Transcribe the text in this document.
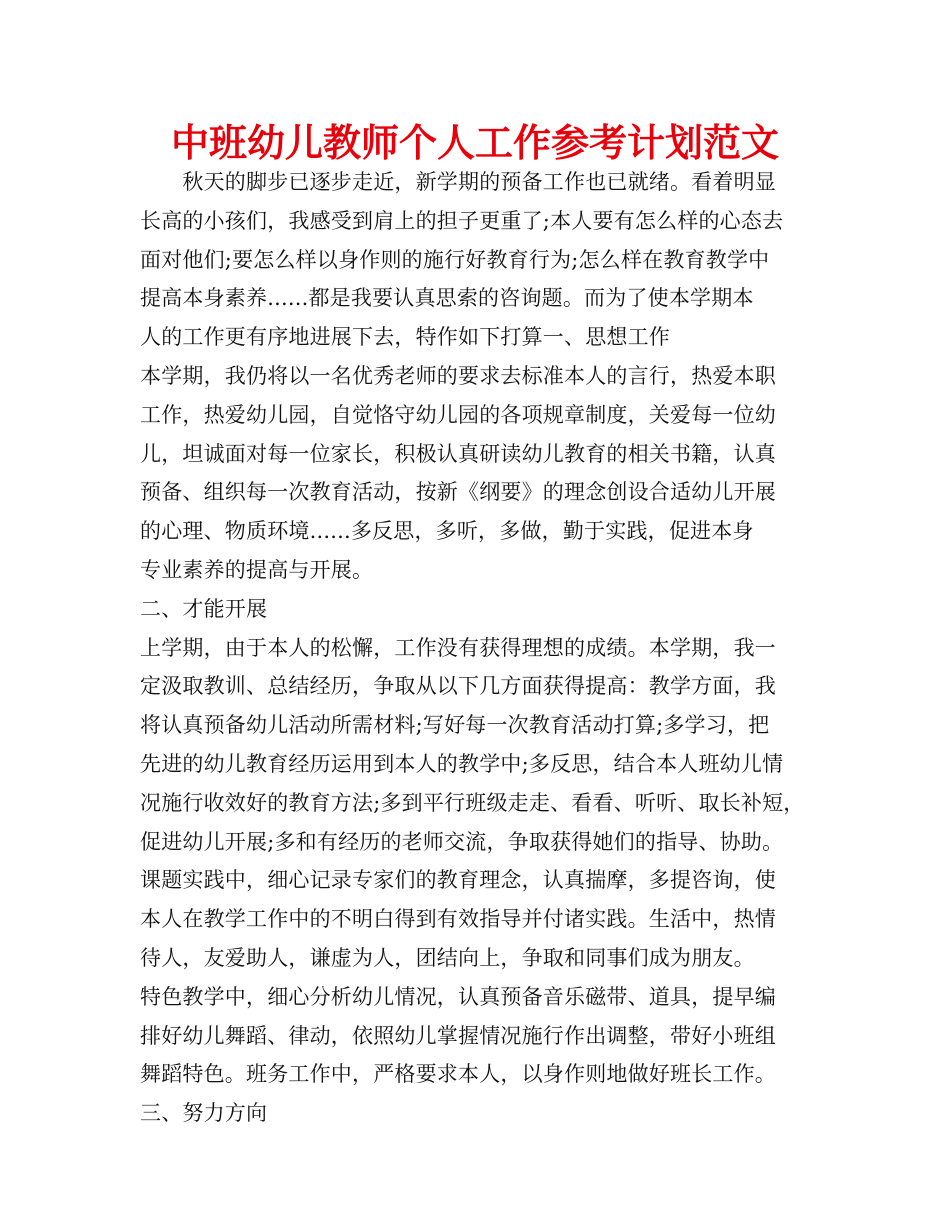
中班幼儿教师个人工作参考计划范文
　　秋天的脚步已逐步走近，新学期的预备工作也已就绪。看着明显
长高的小孩们，我感受到肩上的担子更重了;本人要有怎么样的心态去
面对他们;要怎么样以身作则的施行好教育行为;怎么样在教育教学中
提高本身素养......都是我要认真思索的咨询题。而为了使本学期本
人的工作更有序地进展下去，特作如下打算一、思想工作
本学期，我仍将以一名优秀老师的要求去标准本人的言行，热爱本职
工作，热爱幼儿园，自觉恪守幼儿园的各项规章制度，关爱每一位幼
儿，坦诚面对每一位家长，积极认真研读幼儿教育的相关书籍，认真
预备、组织每一次教育活动，按新《纲要》的理念创设合适幼儿开展
的心理、物质环境......多反思，多听，多做，勤于实践，促进本身
专业素养的提高与开展。
二、才能开展
上学期，由于本人的松懈，工作没有获得理想的成绩。本学期，我一
定汲取教训、总结经历，争取从以下几方面获得提高：教学方面，我
将认真预备幼儿活动所需材料;写好每一次教育活动打算;多学习，把
先进的幼儿教育经历运用到本人的教学中;多反思，结合本人班幼儿情
况施行收效好的教育方法;多到平行班级走走、看看、听听、取长补短，
促进幼儿开展;多和有经历的老师交流，争取获得她们的指导、协助。
课题实践中，细心记录专家们的教育理念，认真揣摩，多提咨询，使
本人在教学工作中的不明白得到有效指导并付诸实践。生活中，热情
待人，友爱助人，谦虚为人，团结向上，争取和同事们成为朋友。
特色教学中，细心分析幼儿情况，认真预备音乐磁带、道具，提早编
排好幼儿舞蹈、律动，依照幼儿掌握情况施行作出调整，带好小班组
舞蹈特色。班务工作中，严格要求本人，以身作则地做好班长工作。
三、努力方向
